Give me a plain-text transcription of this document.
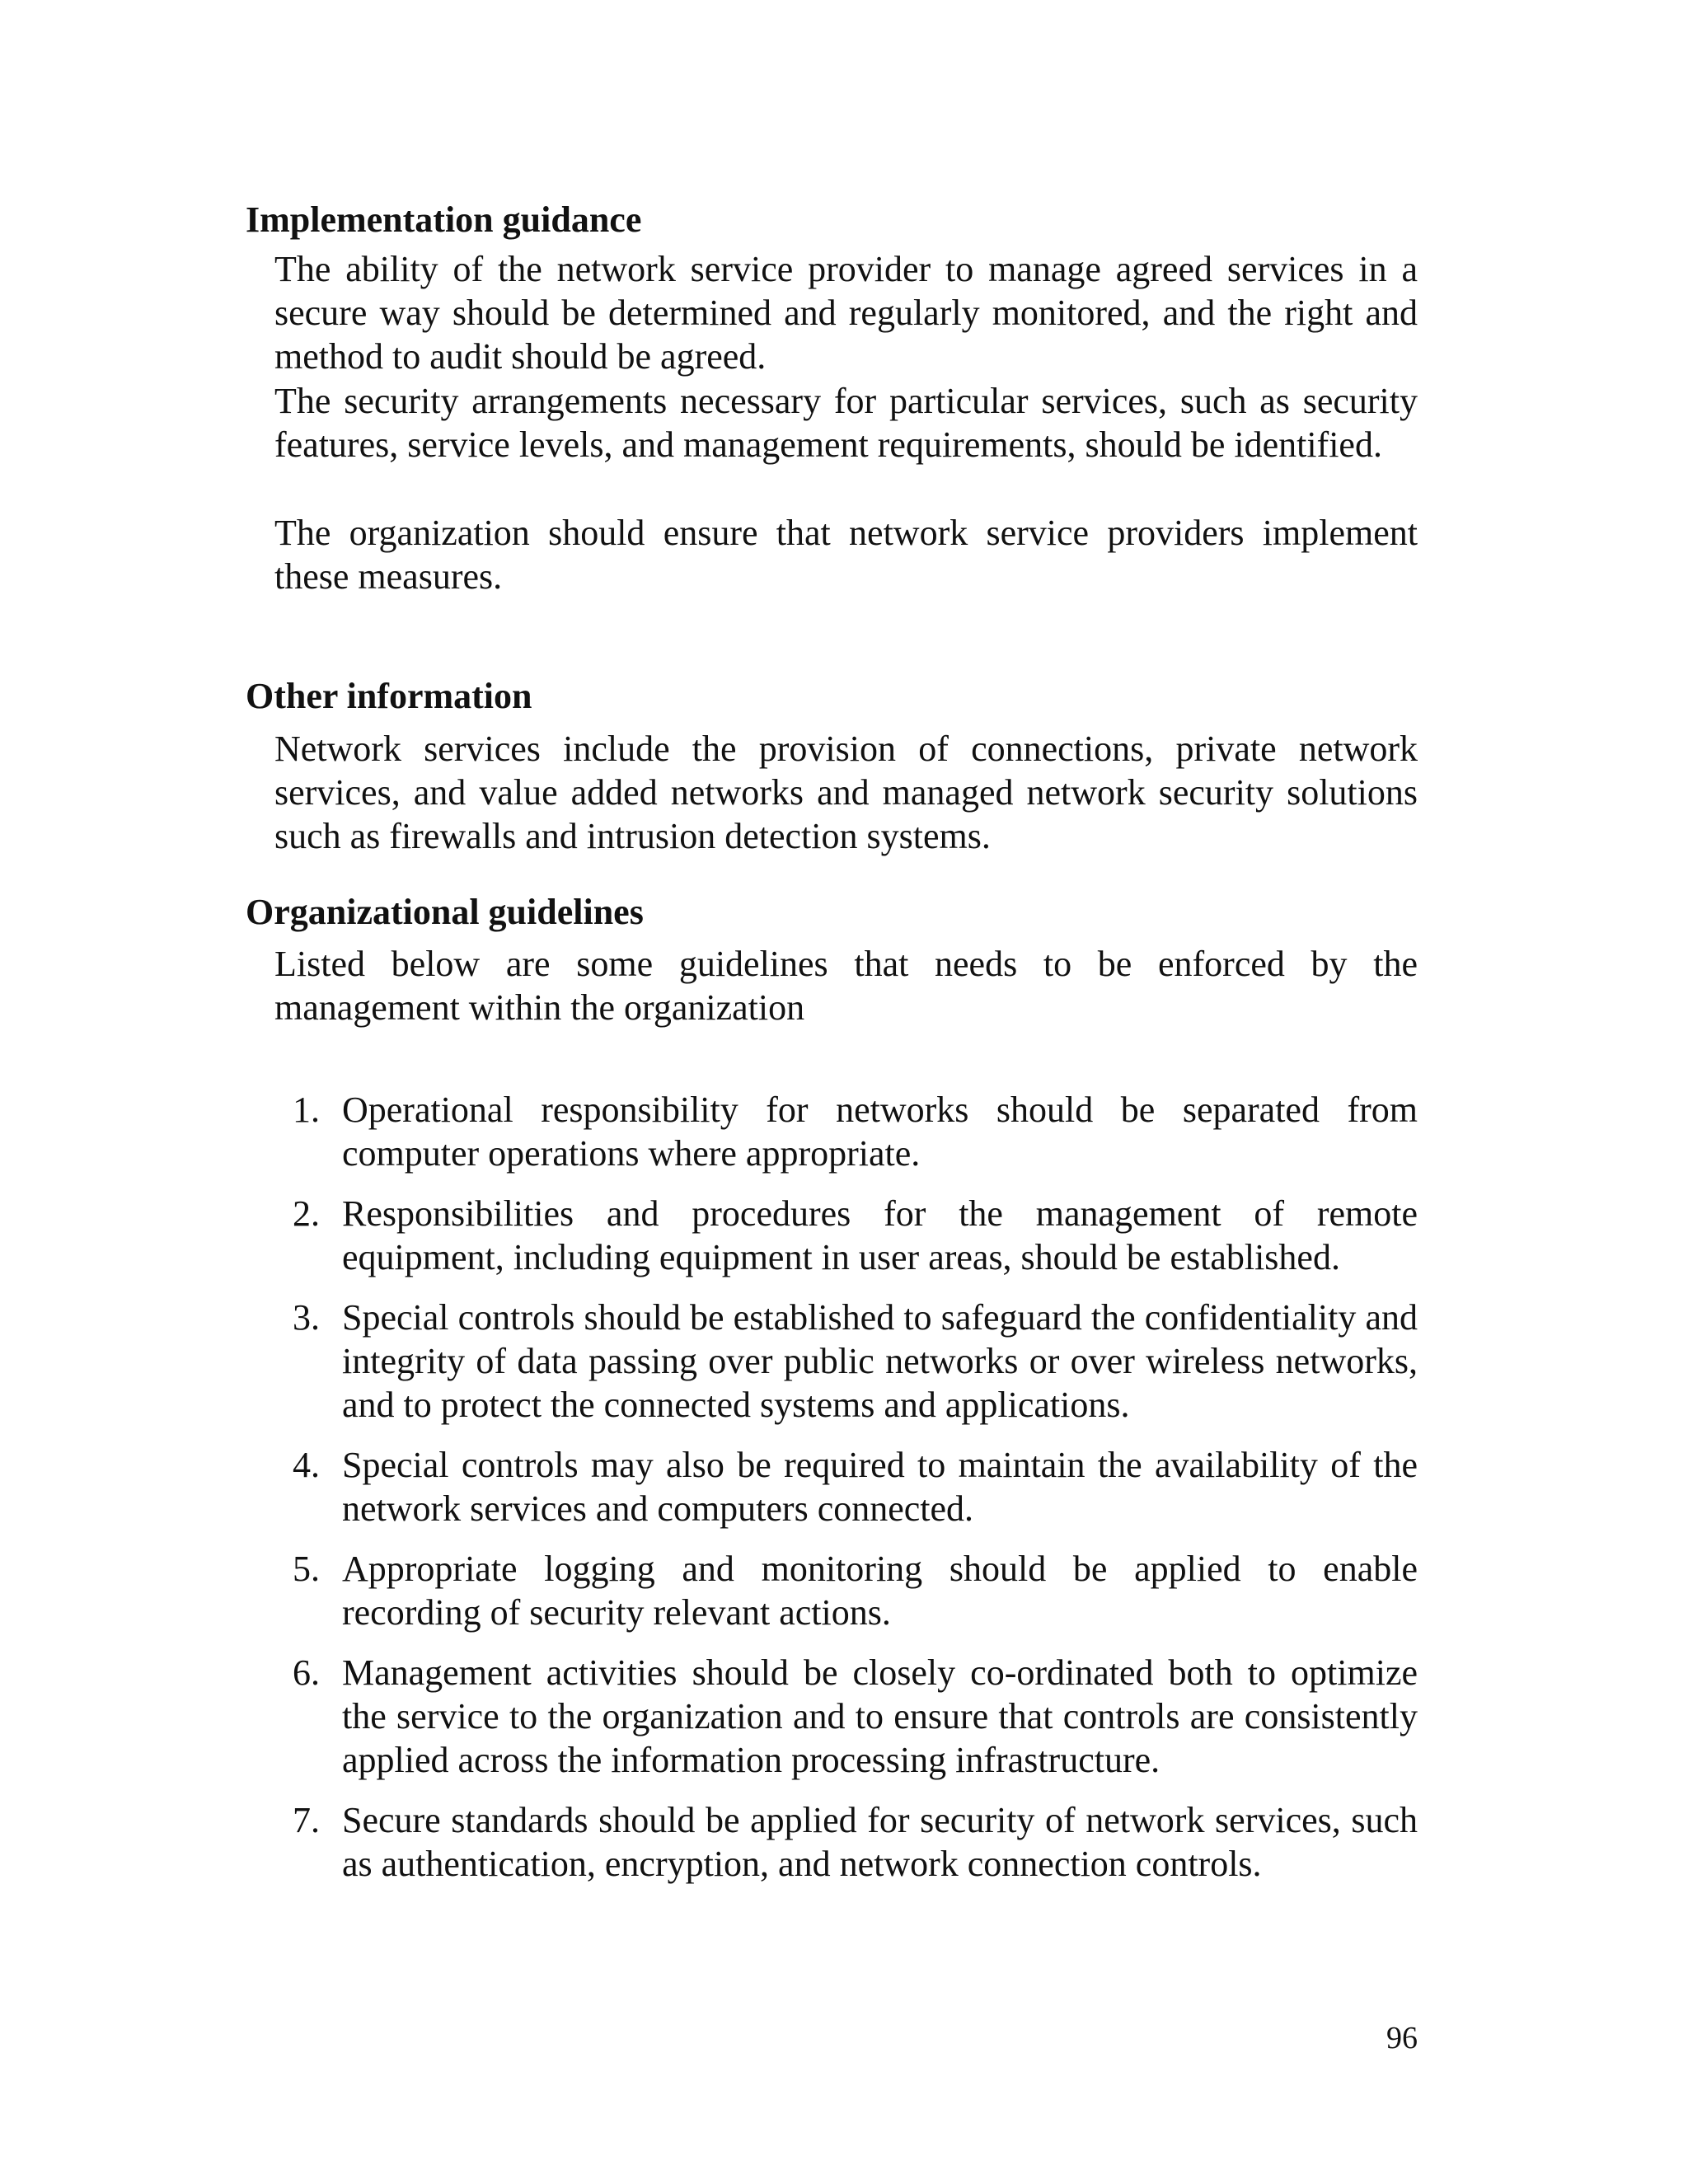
Implementation guidance
The ability of the network service provider to manage agreed services in a secure way should be determined and regularly monitored, and the right and method to audit should be agreed.
The security arrangements necessary for particular services, such as security features, service levels, and management requirements, should be identified.
The organization should ensure that network service providers implement these measures.
Other information
Network services include the provision of connections, private network services, and value added networks and managed network security solutions such as firewalls and intrusion detection systems.
Organizational guidelines
Listed below are some guidelines that needs to be enforced by the management within the organization
1. Operational responsibility for networks should be separated from computer operations where appropriate.
2. Responsibilities and procedures for the management of remote equipment, including equipment in user areas, should be established.
3. Special controls should be established to safeguard the confidentiality and integrity of data passing over public networks or over wireless networks, and to protect the connected systems and applications.
4. Special controls may also be required to maintain the availability of the network services and computers connected.
5. Appropriate logging and monitoring should be applied to enable recording of security relevant actions.
6. Management activities should be closely co-ordinated both to optimize the service to the organization and to ensure that controls are consistently applied across the information processing infrastructure.
7. Secure standards should be applied for security of network services, such as authentication, encryption, and network connection controls.
96
